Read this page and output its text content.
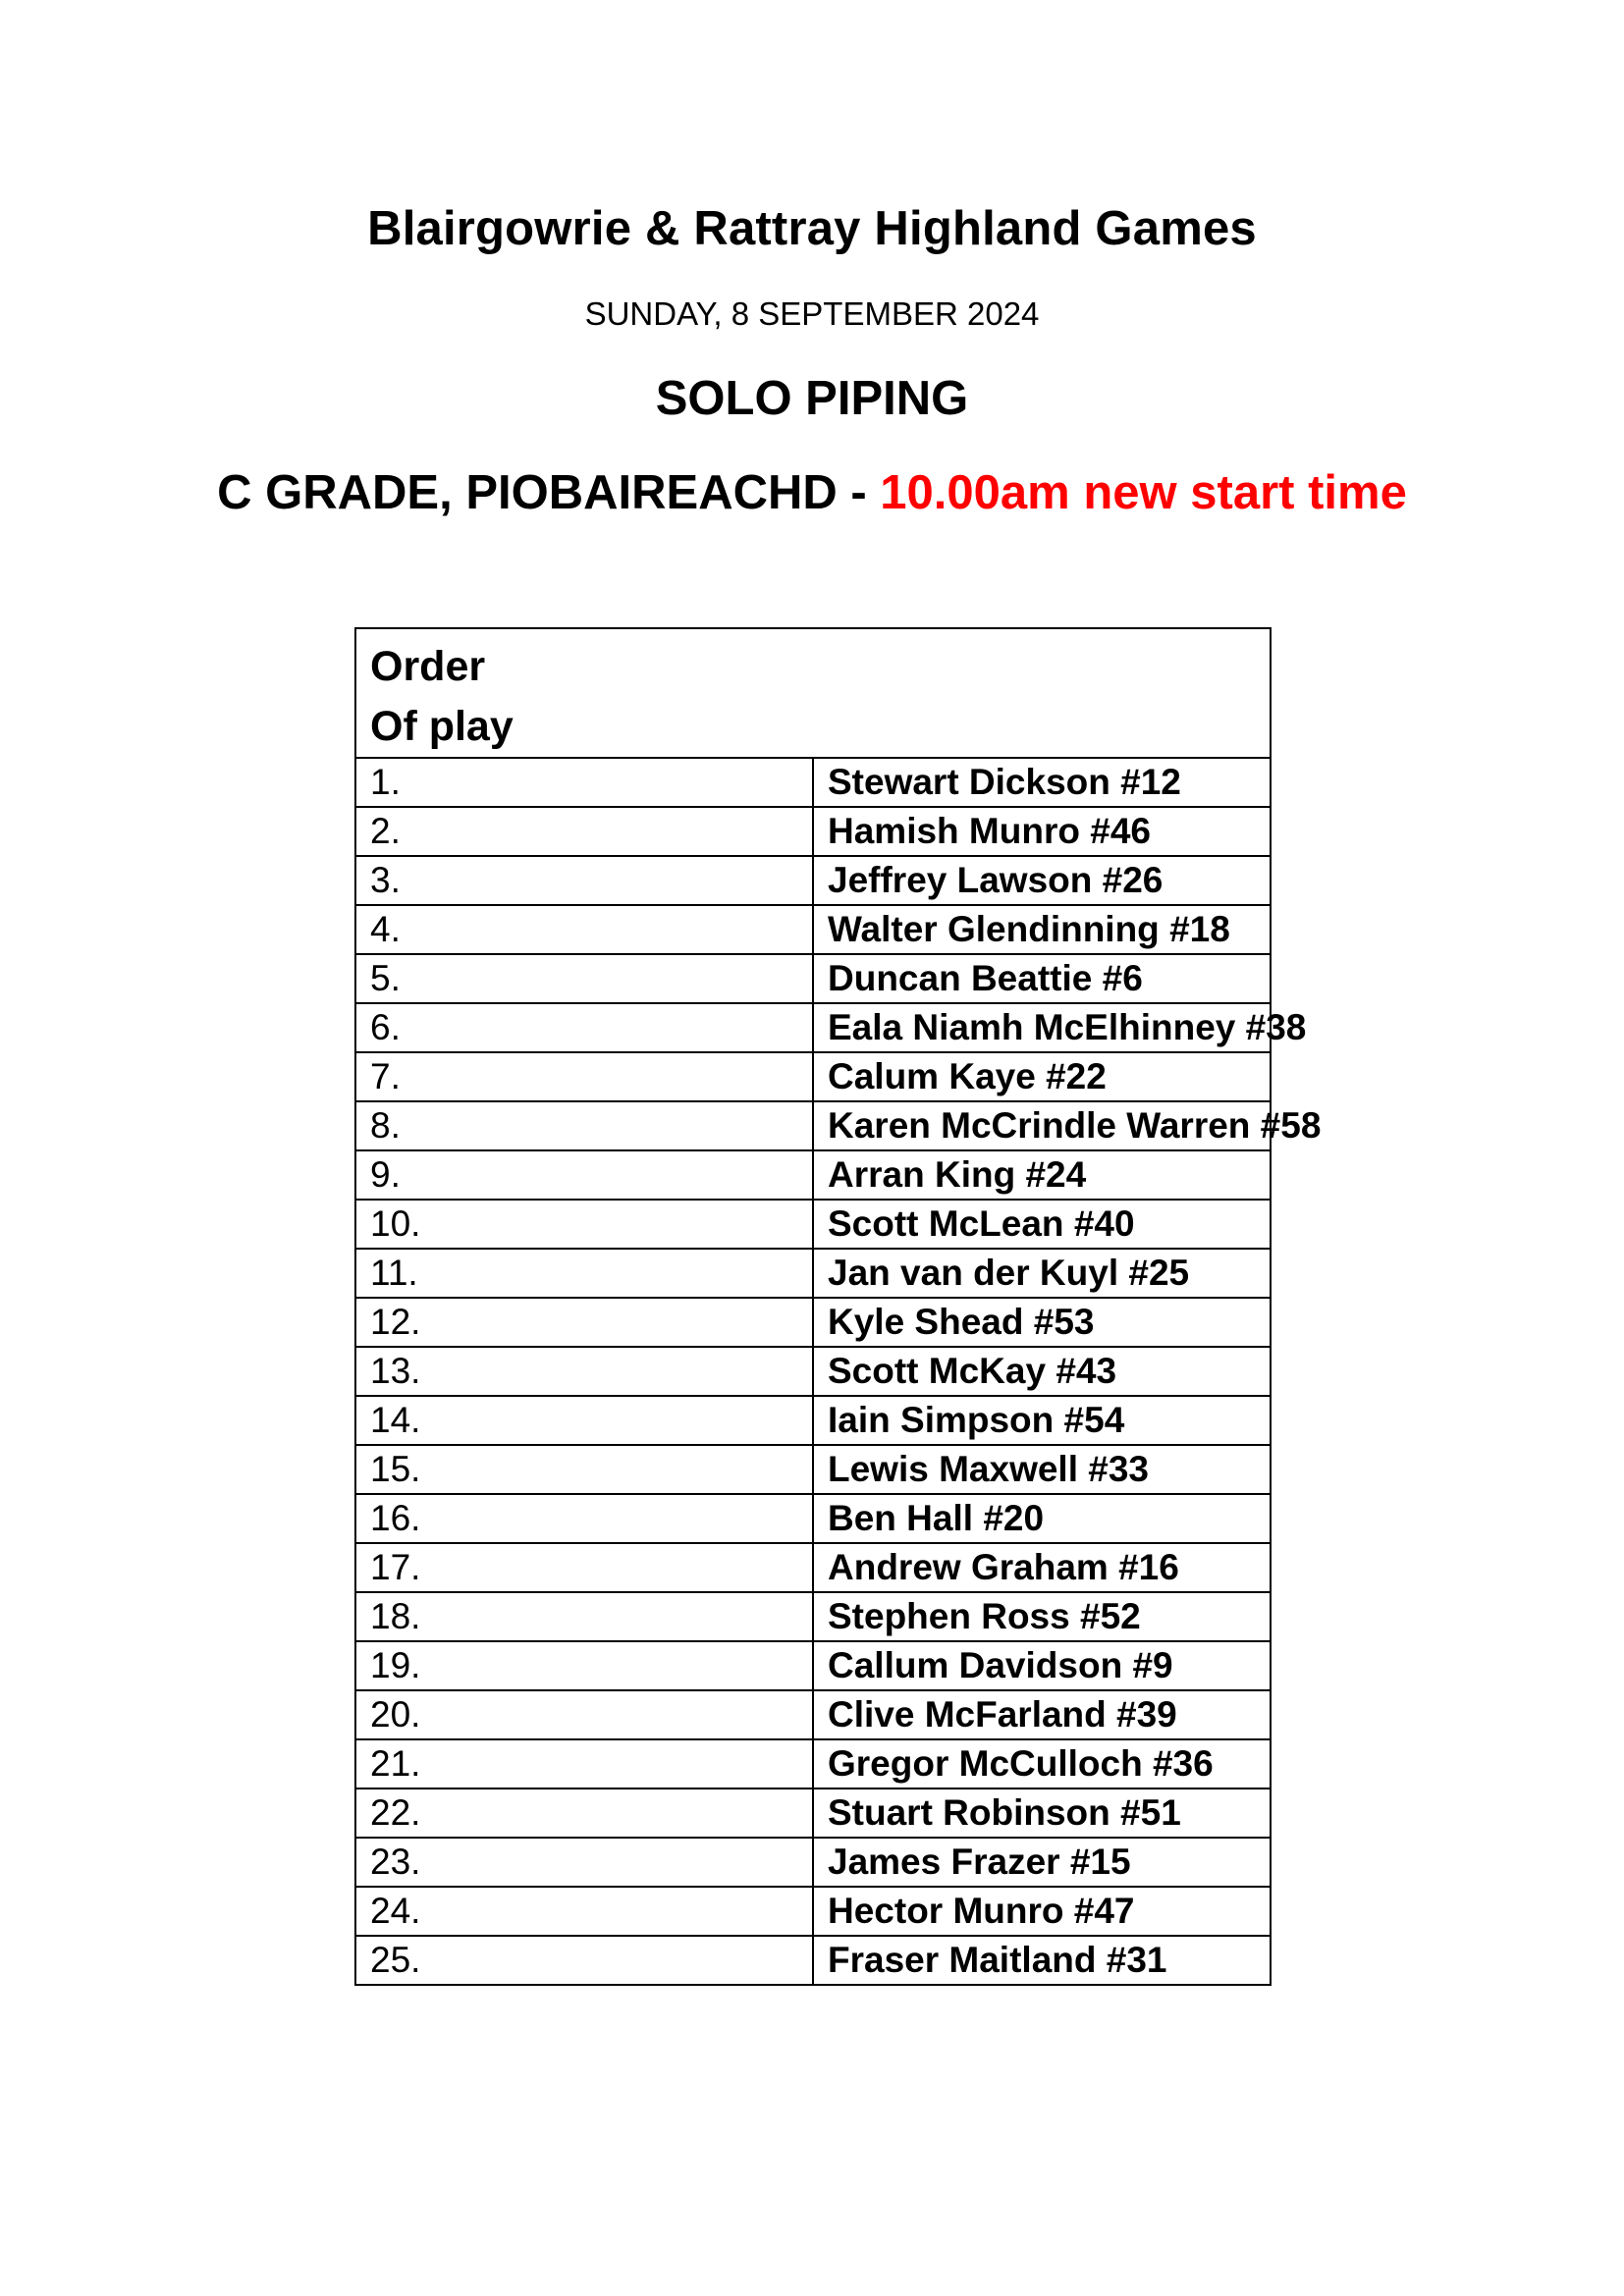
Blairgowrie & Rattray Highland Games
SUNDAY, 8 SEPTEMBER 2024
SOLO PIPING
C GRADE, PIOBAIREACHD - 10.00am new start time
Order
Of play	

1.	Stewart Dickson #12
2.	Hamish Munro #46
3.	Jeffrey Lawson #26
4.	Walter Glendinning #18
5.	Duncan Beattie #6
6.	Eala Niamh McElhinney #38
7.	Calum Kaye #22
8.	Karen McCrindle Warren #58
9.	Arran King #24
10.	Scott McLean #40
11.	Jan van der Kuyl #25
12.	Kyle Shead #53
13.	Scott McKay #43
14.	Iain Simpson #54
15.	Lewis Maxwell #33
16.	Ben Hall #20
17.	Andrew Graham #16
18.	Stephen Ross #52
19.	Callum Davidson #9
20.	Clive McFarland #39
21.	Gregor McCulloch #36
22.	Stuart Robinson #51
23.	James Frazer #15
24.	Hector Munro #47
25.	Fraser Maitland #31
